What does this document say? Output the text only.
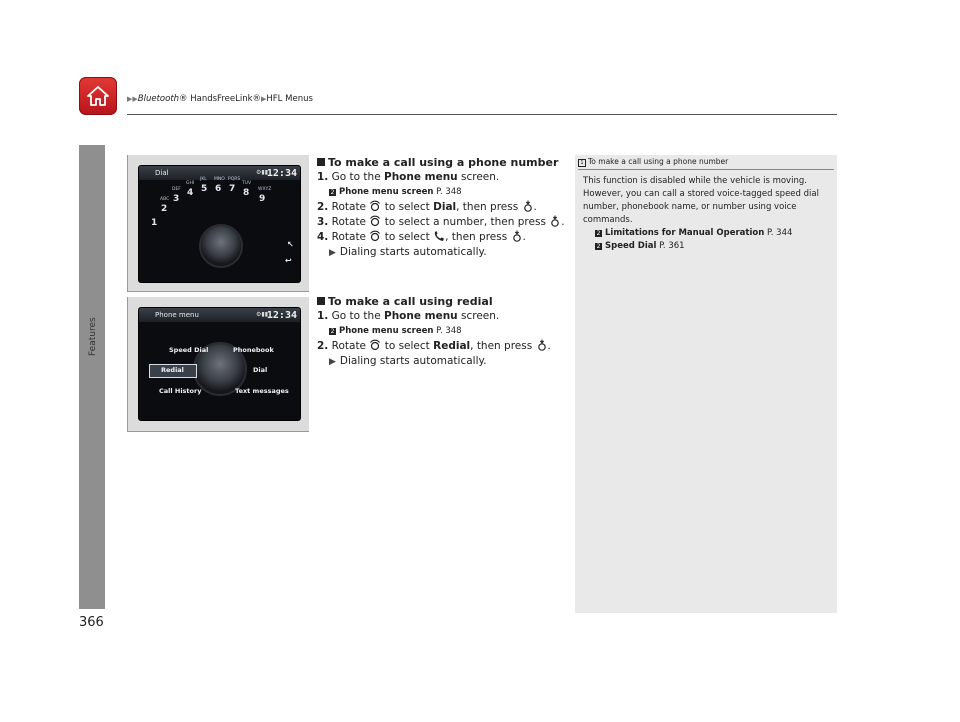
▶▶Bluetooth® HandsFreeLink®▶HFL Menus
Features
366
Dial	⚙▮▮
12:34
1
2
ABC 3
DEF 4
GHI
5
JKL
6
MNO
7
PQRS
8
TUV
9
WXYZ
↖
↩
Phone menu	⚙▮▮
12:34
Speed Dial	Phonebook
Redial	Dial
Call History	Text messages
To make a call using a phone number

1. Go to the Phone menu screen.

2 Phone menu screen P. 348

2. Rotate  to select Dial, then press .

3. Rotate  to select a number, then press .

4. Rotate  to select , then press .

▶ Dialing starts automatically.
To make a call using redial

1. Go to the Phone menu screen.

2 Phone menu screen P. 348

2. Rotate  to select Redial, then press .

▶ Dialing starts automatically.
1 To make a call using a phone number
This function is disabled while the vehicle is moving. However, you can call a stored voice-tagged speed dial number, phonebook name, or number using voice commands.
2 Limitations for Manual Operation P. 344
2 Speed Dial P. 361
